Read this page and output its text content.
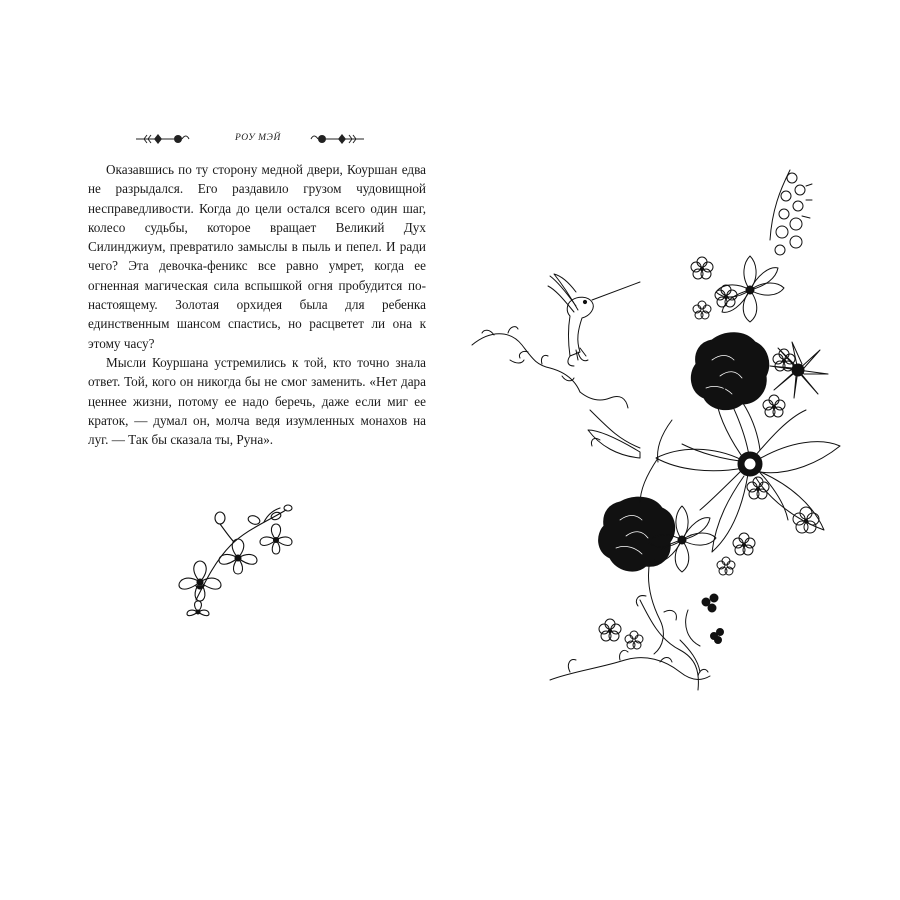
РОУ МЭЙ

Оказавшись по ту сторону медной двери, Коуршан едва не разрыдался. Его раздавило грузом чудовищной несправедливости. Когда до цели остался всего один шаг, колесо судьбы, которое вращает Великий Дух Силинджиум, превратило замыслы в пыль и пепел. И ради чего? Эта девочка-феникс все равно умрет, когда ее огненная магическая сила вспышкой огня пробудится по-настоящему. Золотая орхидея была для ребенка единственным шансом спастись, но расцветет ли она к этому часу?

Мысли Коуршана устремились к той, кто точно знала ответ. Той, кого он никогда бы не смог заменить. «Нет дара ценнее жизни, потому ее надо беречь, даже если миг ее краток, — думал он, молча ведя изумленных монахов на луг. — Так бы сказала ты, Руна».
